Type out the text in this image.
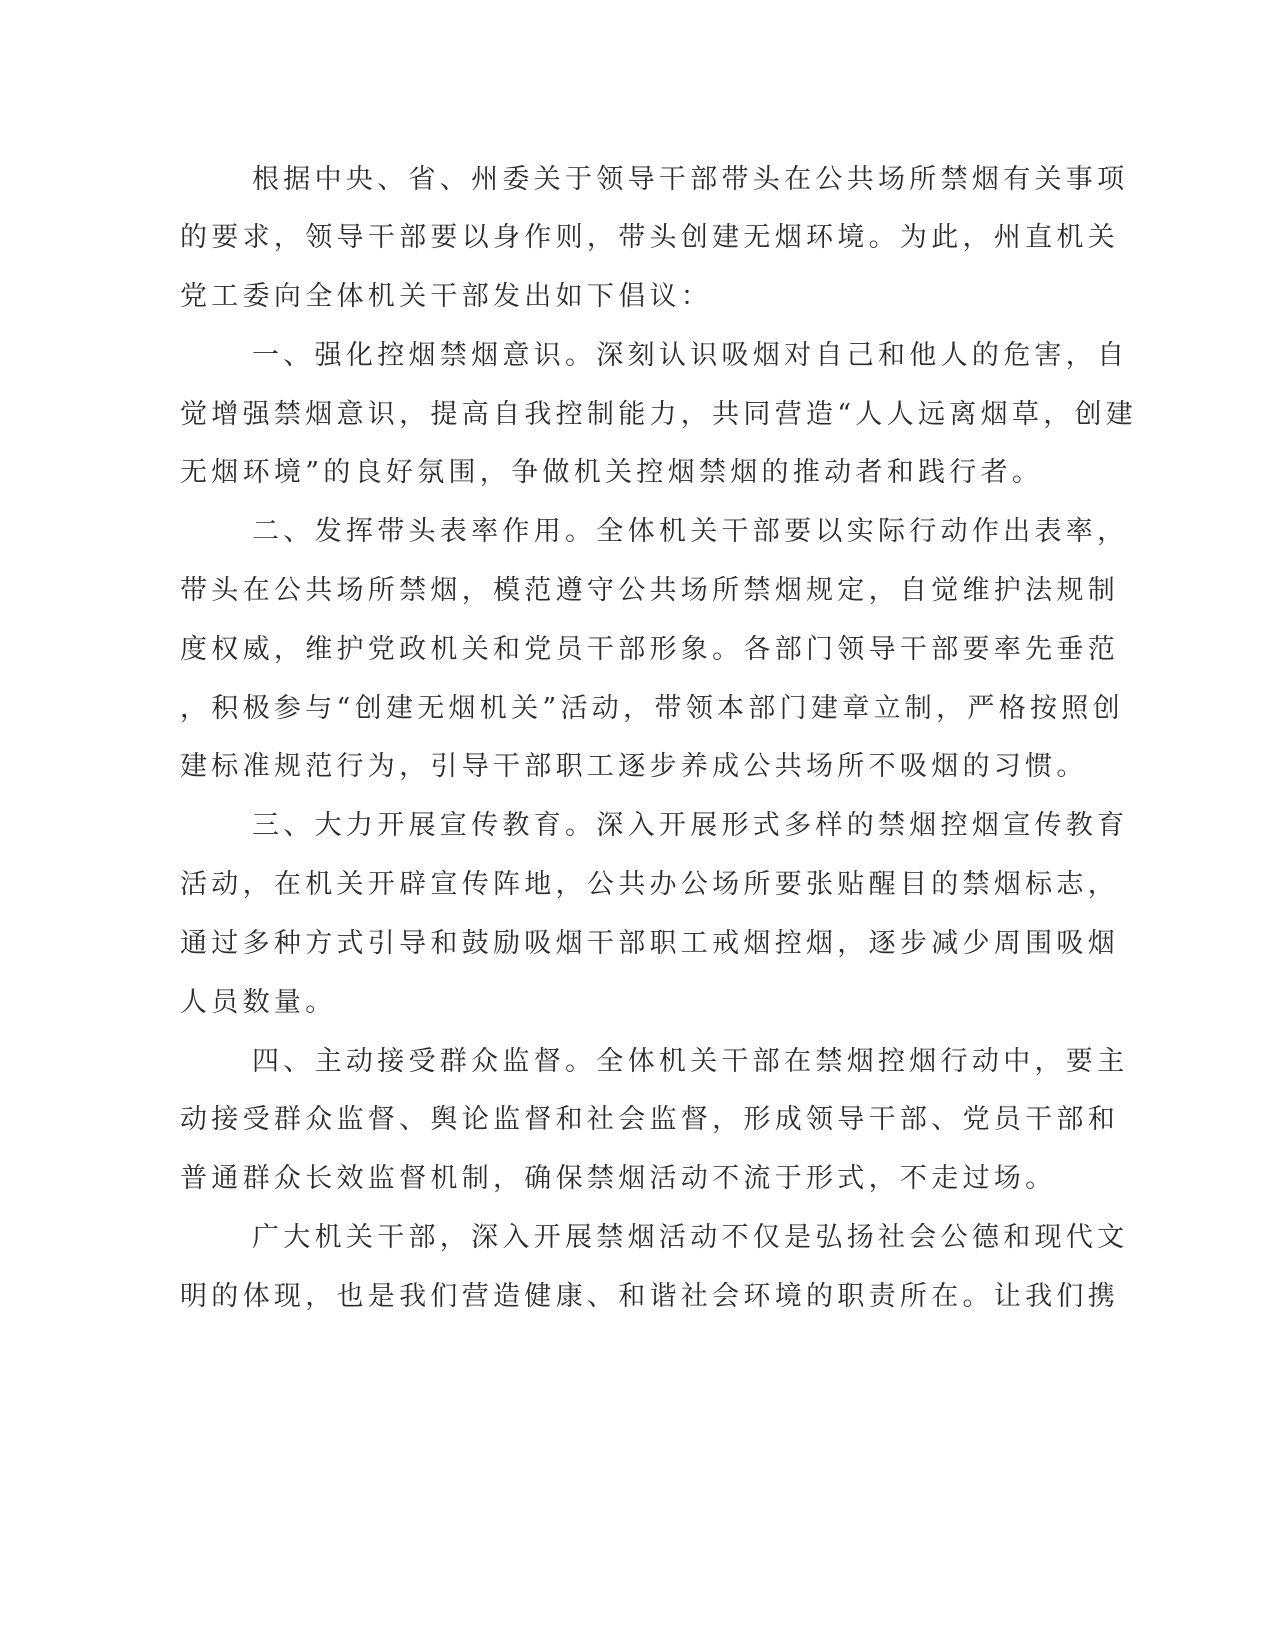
根据中央、省、州委关于领导干部带头在公共场所禁烟有关事项

的要求，领导干部要以身作则，带头创建无烟环境。为此，州直机关

党工委向全体机关干部发出如下倡议：

一、强化控烟禁烟意识。深刻认识吸烟对自己和他人的危害，自

觉增强禁烟意识，提高自我控制能力，共同营造“人人远离烟草，创建

无烟环境”的良好氛围，争做机关控烟禁烟的推动者和践行者。

二、发挥带头表率作用。全体机关干部要以实际行动作出表率，

带头在公共场所禁烟，模范遵守公共场所禁烟规定，自觉维护法规制

度权威，维护党政机关和党员干部形象。各部门领导干部要率先垂范

，积极参与“创建无烟机关”活动，带领本部门建章立制，严格按照创

建标准规范行为，引导干部职工逐步养成公共场所不吸烟的习惯。

三、大力开展宣传教育。深入开展形式多样的禁烟控烟宣传教育

活动，在机关开辟宣传阵地，公共办公场所要张贴醒目的禁烟标志，

通过多种方式引导和鼓励吸烟干部职工戒烟控烟，逐步减少周围吸烟

人员数量。

四、主动接受群众监督。全体机关干部在禁烟控烟行动中，要主

动接受群众监督、舆论监督和社会监督，形成领导干部、党员干部和

普通群众长效监督机制，确保禁烟活动不流于形式，不走过场。

广大机关干部，深入开展禁烟活动不仅是弘扬社会公德和现代文

明的体现，也是我们营造健康、和谐社会环境的职责所在。让我们携
